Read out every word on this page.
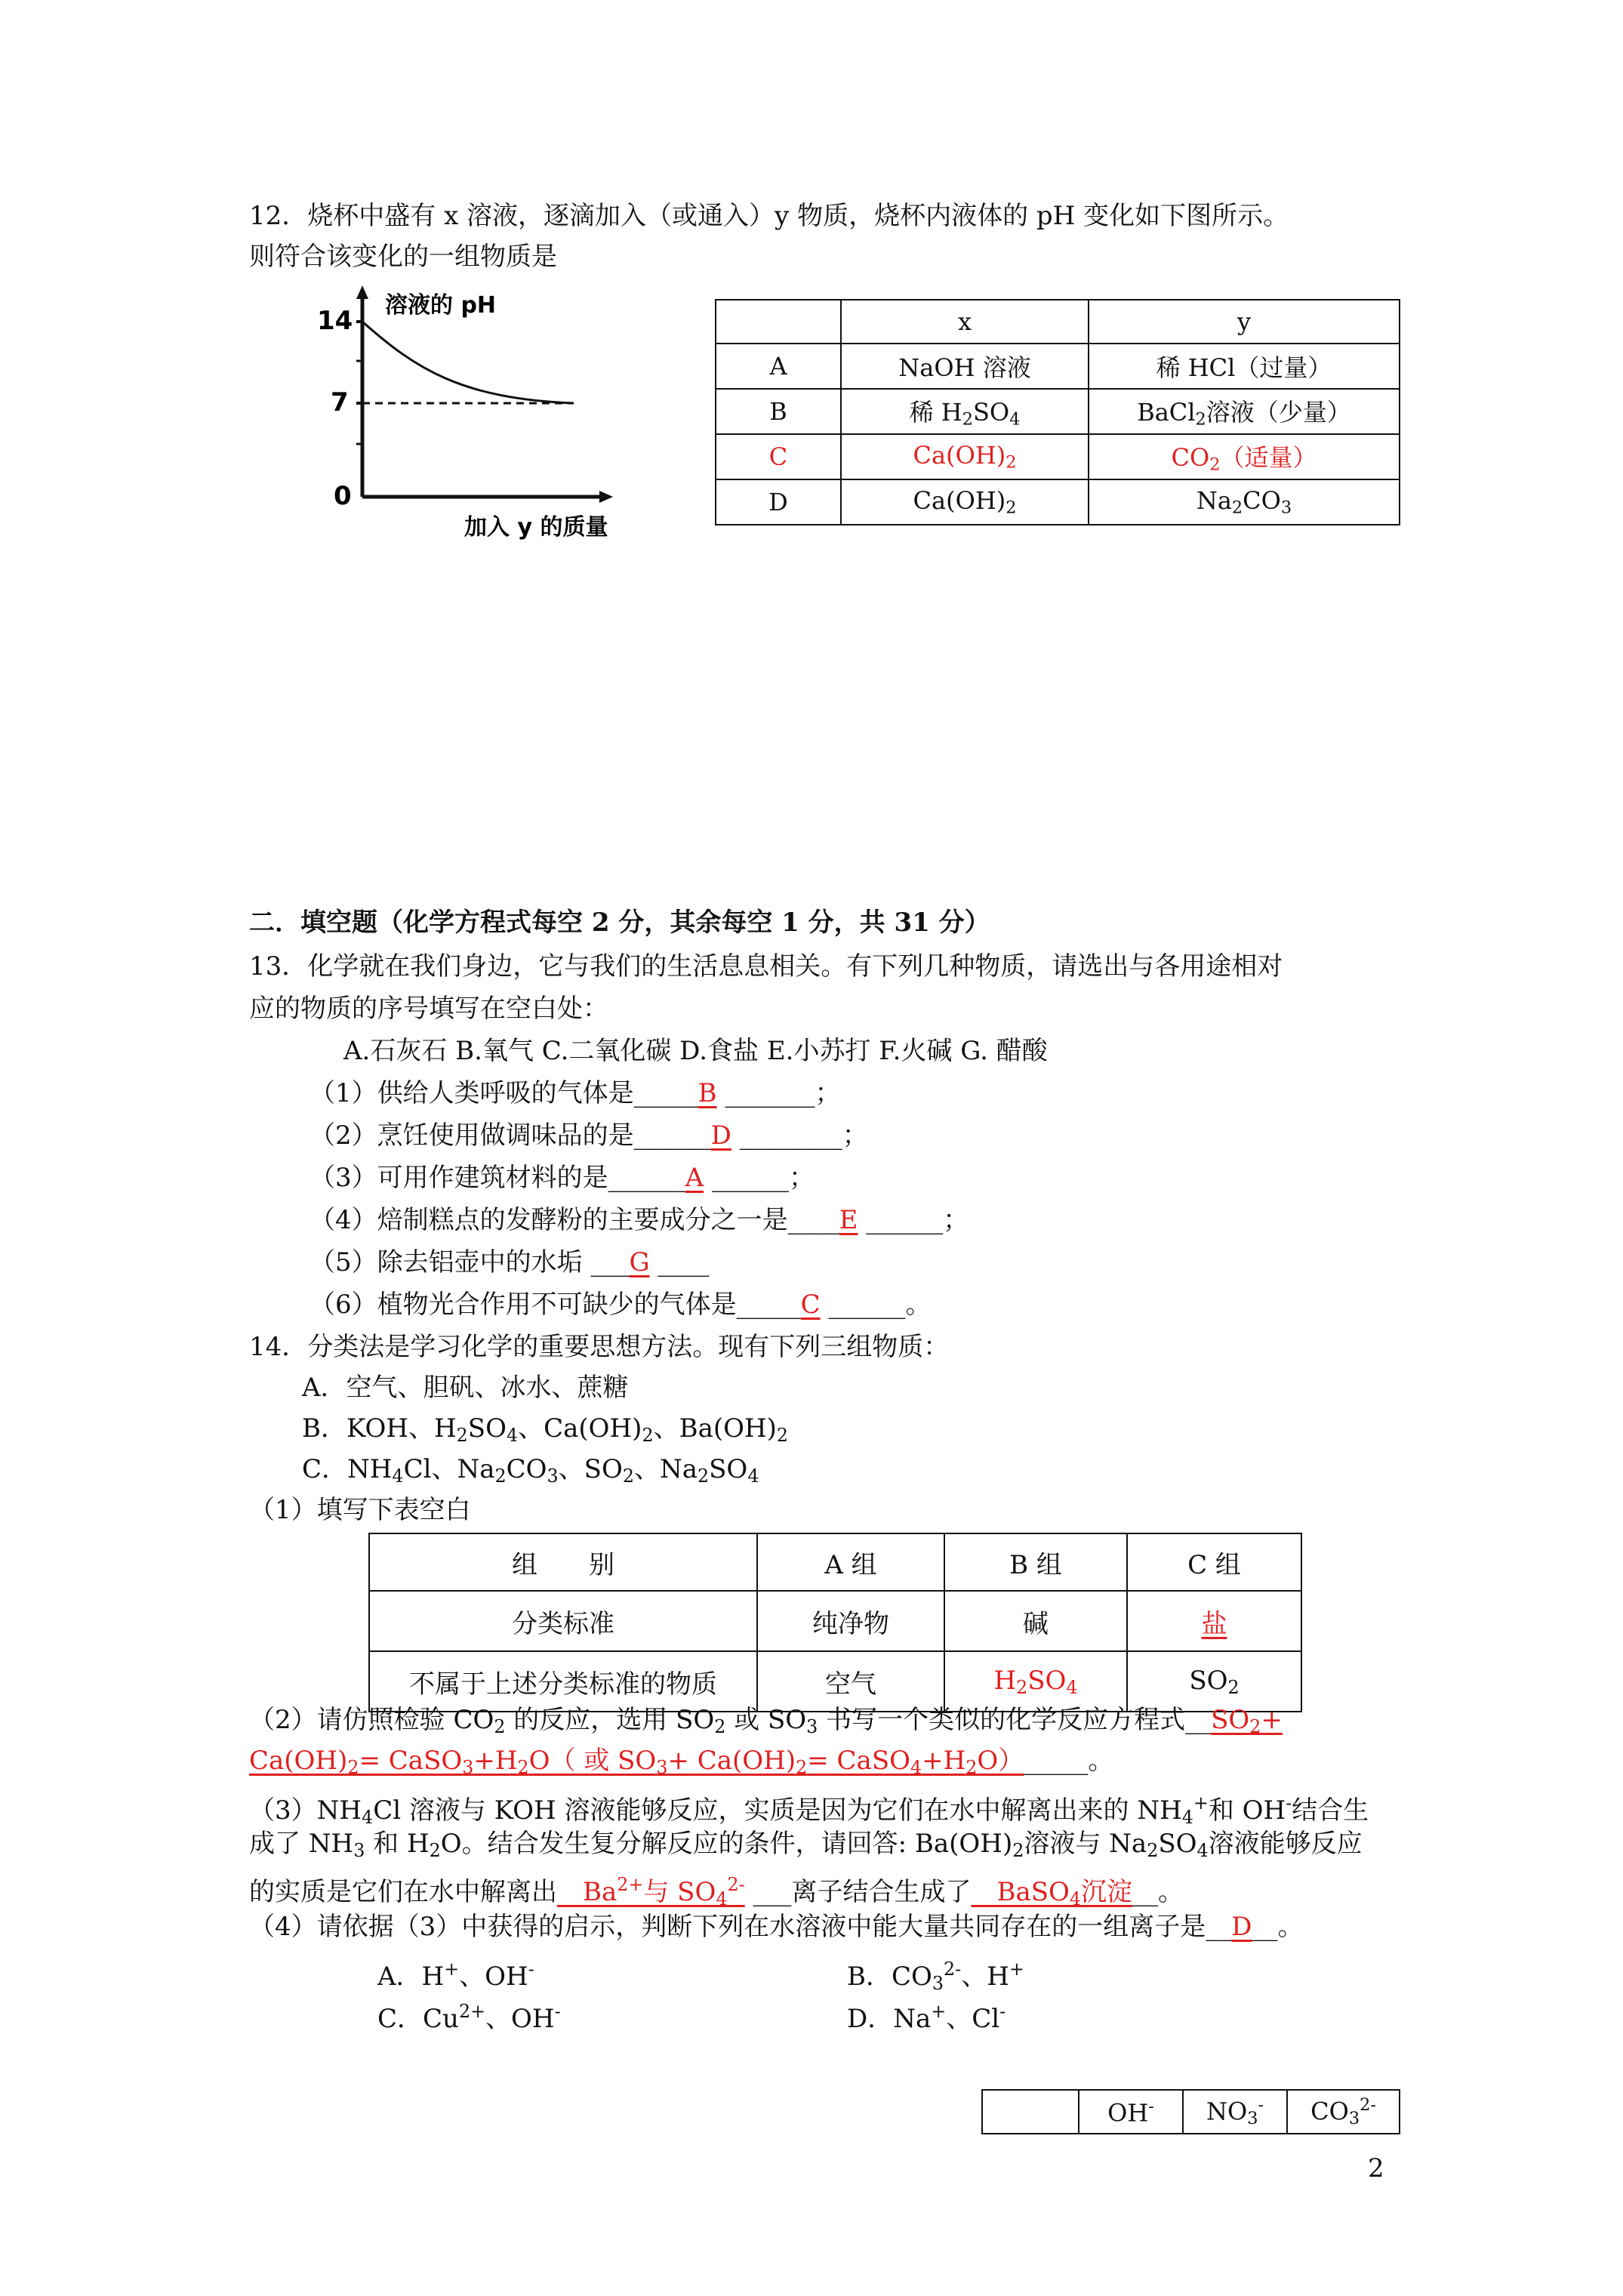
12．烧杯中盛有 x 溶液，逐滴加入（或通入）y 物质，烧杯内液体的 pH 变化如下图所示。
则符合该变化的一组物质是
溶液的 pH
14
7
0
加入 y 的质量
	x	y
A	NaOH 溶液	稀 HCl（过量）
B	稀 $H_2SO_4$	BaCl$_2$溶液（少量）
C	$Ca(OH)_2$	$CO_2$（适量）
D	$Ca(OH)_2$	$Na_2CO_3$
二．填空题（化学方程式每空 2 分，其余每空 1 分，共 31 分）
13．化学就在我们身边，它与我们的生活息息相关。有下列几种物质，请选出与各用途相对
应的物质的序号填写在空白处：
A.石灰石 B.氧气 C.二氧化碳 D.食盐 E.小苏打 F.火碱 G. 醋酸
（1）供给人类呼吸的气体是_____B _______；
（2）烹饪使用做调味品的是______D ________；
（3）可用作建筑材料的是______A ______；
（4）焙制糕点的发酵粉的主要成分之一是____E ______；
（5）除去铝壶中的水垢 ___G ____
（6）植物光合作用不可缺少的气体是_____C ______。
14．分类法是学习化学的重要思想方法。现有下列三组物质：
A．空气、胆矾、冰水、蔗糖
B．KOH、$H_2SO_4$、$Ca(OH)_2$、$Ba(OH)_2$
C．$NH_4Cl$、$Na_2CO_3$、$SO_2$、$Na_2SO_4$
（1）填写下表空白
组　　别	A 组	B 组	C 组
分类标准	纯净物	碱	盐
不属于上述分类标准的物质	空气	$H_2SO_4$	$SO_2$
（2）请仿照检验 $CO_2$ 的反应，选用 $SO_2$ 或 $SO_3$ 书写一个类似的化学反应方程式$\_\_SO_2+$
$Ca(OH)_2=$ $CaSO_3+H_2O$（ 或 $SO_3+ Ca(OH)_2=$ $CaSO_4+H_2O)\_\_\_\_\_$。
$(3)NH_4Cl$ 溶液与 KOH 溶液能够反应，实质是因为它们在水中解离出来的 $NH_4^+$和 OH-结合生
成了 $NH_3$ 和 $H_2O$。结合发生复分解反应的条件，请回答: $Ba(OH)_2$溶液与 $Na_2SO_4$溶液能够反应
的实质是它们在水中解离出$\_\_Ba^{2+}$与 $SO_4^{2-}$ ___离子结合生成了__BaSO$_4$沉淀__。
（4）请依据（3）中获得的启示，判断下列在水溶液中能大量共同存在的一组离子是__D__。
A．H+、OH-	B．$CO_3^{2-}$、H+
C．$Cu^{2+}$、OH-	D．Na+、Cl-
	OH-	$NO_3^-$	$CO_3^{2-}$
2
